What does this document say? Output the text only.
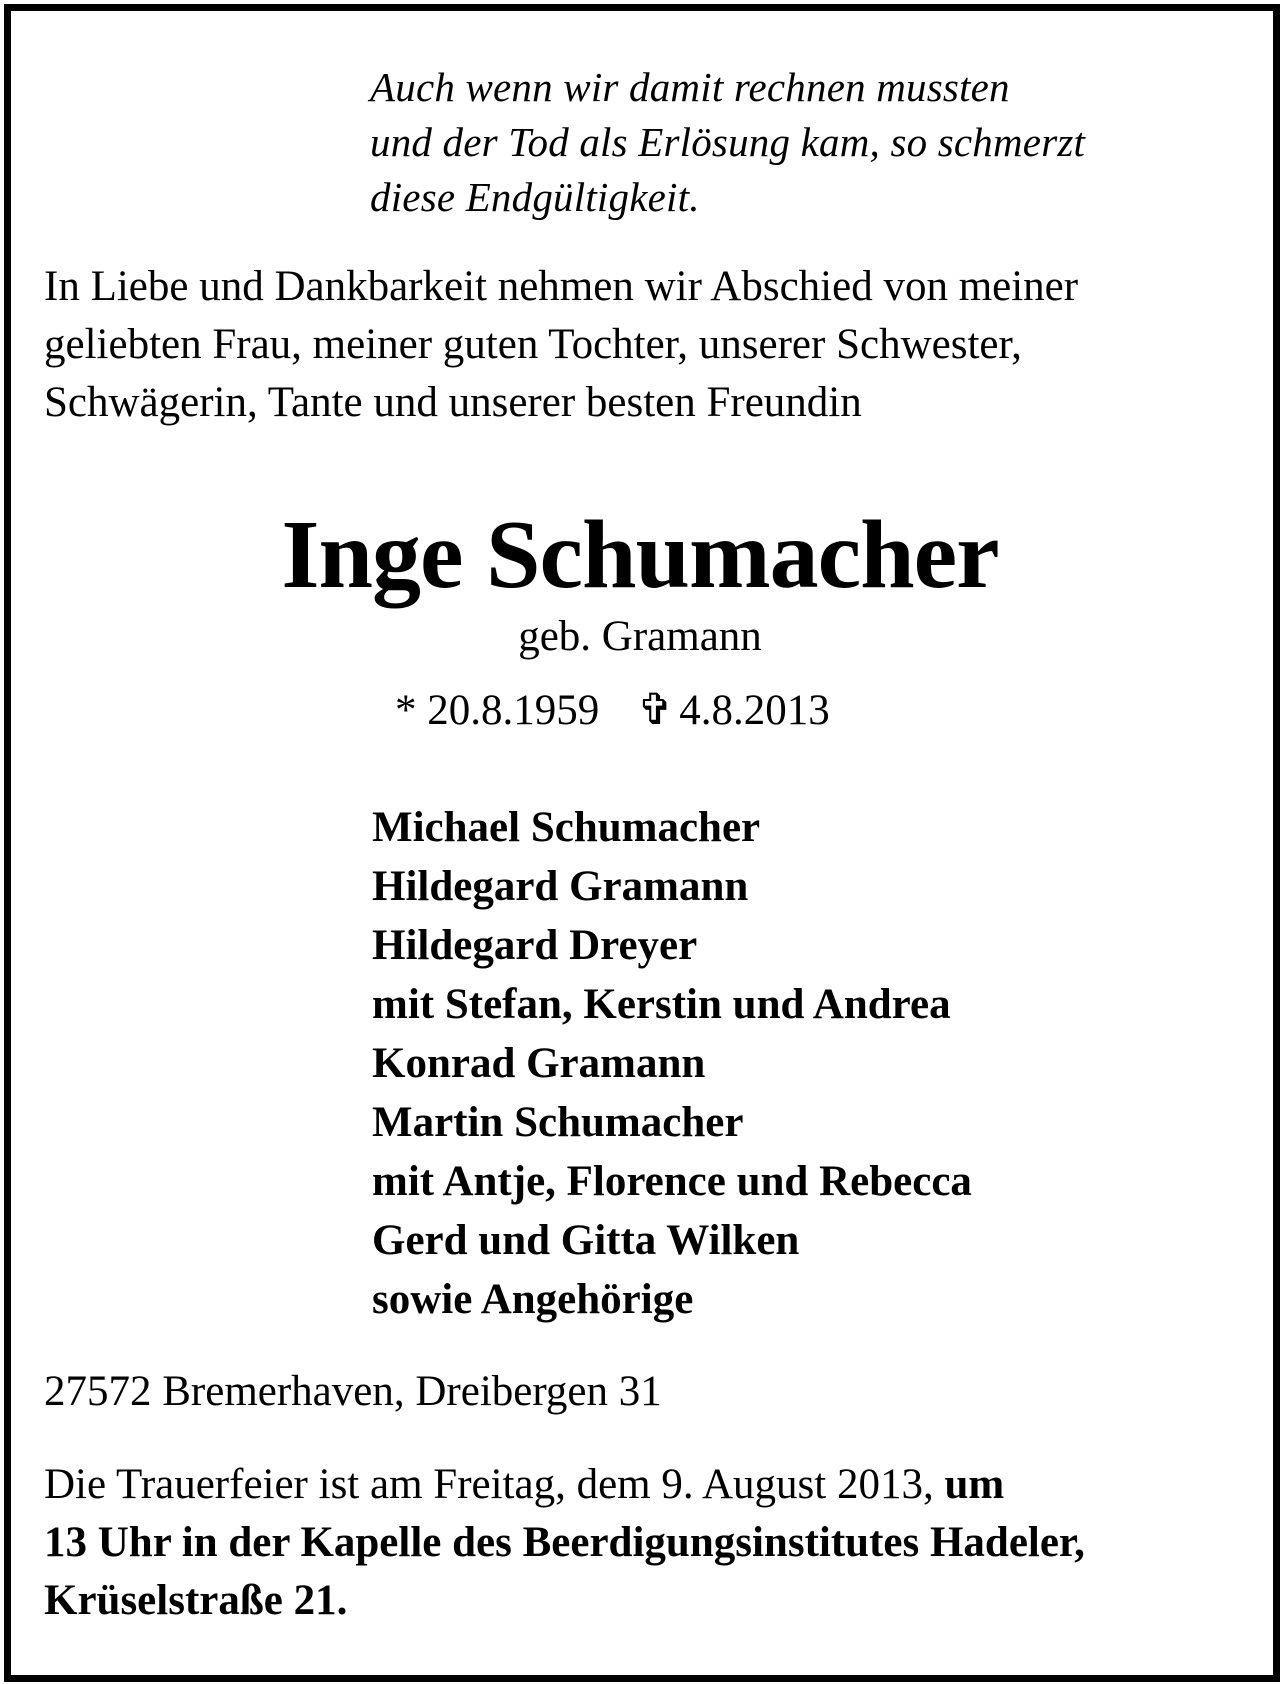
Auch wenn wir damit rechnen mussten
und der Tod als Erlösung kam, so schmerzt
diese Endgültigkeit.
In Liebe und Dankbarkeit nehmen wir Abschied von meiner
geliebten Frau, meiner guten Tochter, unserer Schwester,
Schwägerin, Tante und unserer besten Freundin
Inge Schumacher
geb. Gramann
* 20.8.1959 ✞ 4.8.2013
Michael Schumacher
Hildegard Gramann
Hildegard Dreyer
mit Stefan, Kerstin und Andrea
Konrad Gramann
Martin Schumacher
mit Antje, Florence und Rebecca
Gerd und Gitta Wilken
sowie Angehörige
27572 Bremerhaven, Dreibergen 31
Die Trauerfeier ist am Freitag, dem 9. August 2013, um
13 Uhr in der Kapelle des Beerdigungsinstitutes Hadeler,
Krüselstraße 21.
